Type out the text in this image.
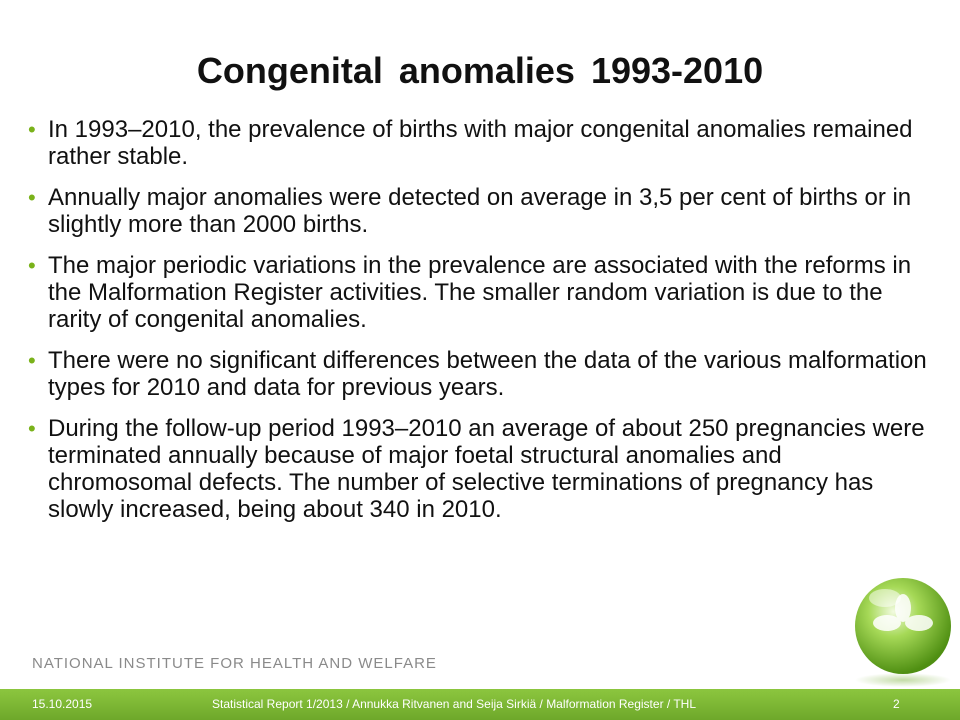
Congenital anomalies 1993-2010
• In 1993–2010, the prevalence of births with major congenital anomalies remained rather stable.
• Annually major anomalies were detected on average in 3,5 per cent of births or in slightly more than 2000 births.
• The major periodic variations in the prevalence are associated with the reforms in the Malformation Register activities. The smaller random variation is due to the rarity of congenital anomalies.
• There were no significant differences between the data of the various malformation types for 2010 and data for previous years.
• During the follow-up period 1993–2010 an average of about 250 pregnancies were terminated annually because of major foetal structural anomalies and chromosomal defects. The number of selective terminations of pregnancy has slowly increased, being about 340 in 2010.
NATIONAL INSTITUTE FOR HEALTH AND WELFARE
15.10.2015	Statistical Report 1/2013 / Annukka Ritvanen and Seija Sirkiä / Malformation Register / THL	2
